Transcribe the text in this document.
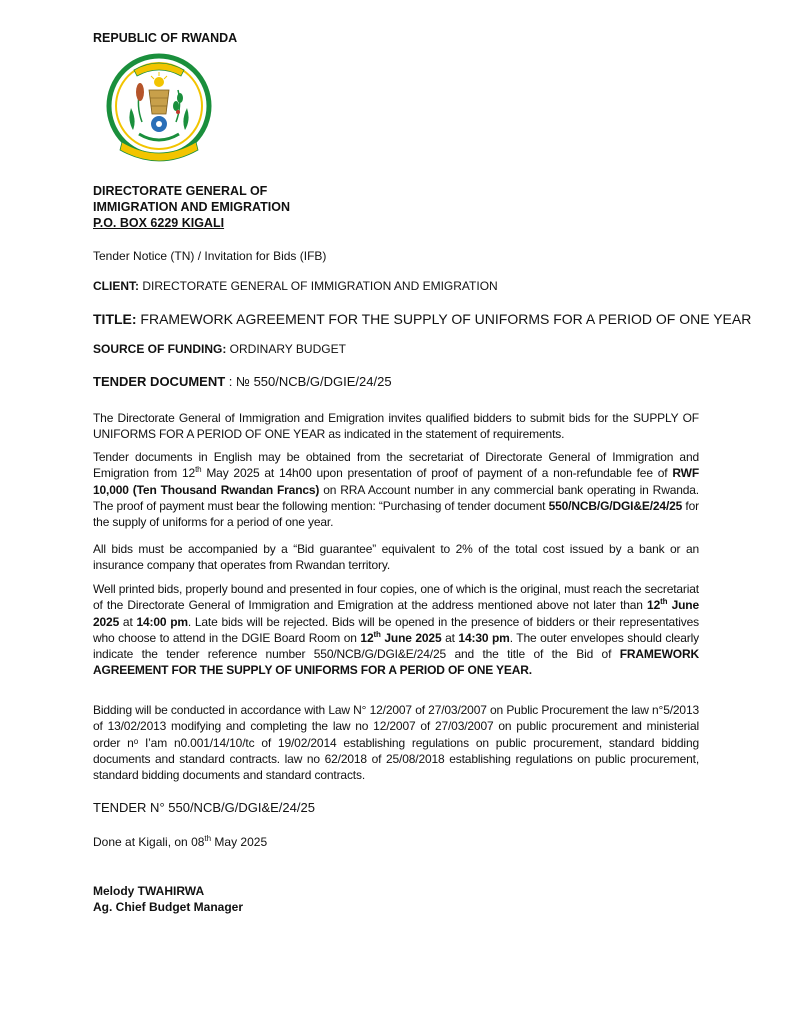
REPUBLIC OF RWANDA
DIRECTORATE GENERAL OF
IMMIGRATION AND EMIGRATION
P.O. BOX 6229 KIGALI
Tender Notice (TN) / Invitation for Bids (IFB)
CLIENT: DIRECTORATE GENERAL OF IMMIGRATION AND EMIGRATION
TITLE: FRAMEWORK AGREEMENT FOR THE SUPPLY OF UNIFORMS FOR A PERIOD OF ONE YEAR
SOURCE OF FUNDING: ORDINARY BUDGET
TENDER DOCUMENT : № 550/NCB/G/DGIE/24/25

The Directorate General of Immigration and Emigration invites qualified bidders to submit bids for the SUPPLY OF UNIFORMS FOR A PERIOD OF ONE YEAR as indicated in the statement of requirements.

Tender documents in English may be obtained from the secretariat of Directorate General of Immigration and Emigration from 12th May 2025 at 14h00 upon presentation of proof of payment of a non-refundable fee of RWF 10,000 (Ten Thousand Rwandan Francs) on RRA Account number in any commercial bank operating in Rwanda. The proof of payment must bear the following mention: “Purchasing of tender document 550/NCB/G/DGI&E/24/25 for the supply of uniforms for a period of one year.

All bids must be accompanied by a “Bid guarantee” equivalent to 2% of the total cost issued by a bank or an insurance company that operates from Rwandan territory.

Well printed bids, properly bound and presented in four copies, one of which is the original, must reach the secretariat of the Directorate General of Immigration and Emigration at the address mentioned above not later than 12th June 2025 at 14:00 pm. Late bids will be rejected. Bids will be opened in the presence of bidders or their representatives who choose to attend in the DGIE Board Room on 12th June 2025 at 14:30 pm. The outer envelopes should clearly indicate the tender reference number 550/NCB/G/DGI&E/24/25 and the title of the Bid of FRAMEWORK AGREEMENT FOR THE SUPPLY OF UNIFORMS FOR A PERIOD OF ONE YEAR.

Bidding will be conducted in accordance with Law N° 12/2007 of 27/03/2007 on Public Procurement the law n°5/2013 of 13/02/2013 modifying and completing the law no 12/2007 of 27/03/2007 on public procurement and ministerial order nᵒ I’am n0.001/14/10/tc of 19/02/2014 establishing regulations on public procurement, standard bidding documents and standard contracts. law no 62/2018 of 25/08/2018 establishing regulations on public procurement, standard bidding documents and standard contracts.

TENDER N° 550/NCB/G/DGI&E/24/25
Done at Kigali, on 08th May 2025
Melody TWAHIRWA
Ag. Chief Budget Manager
